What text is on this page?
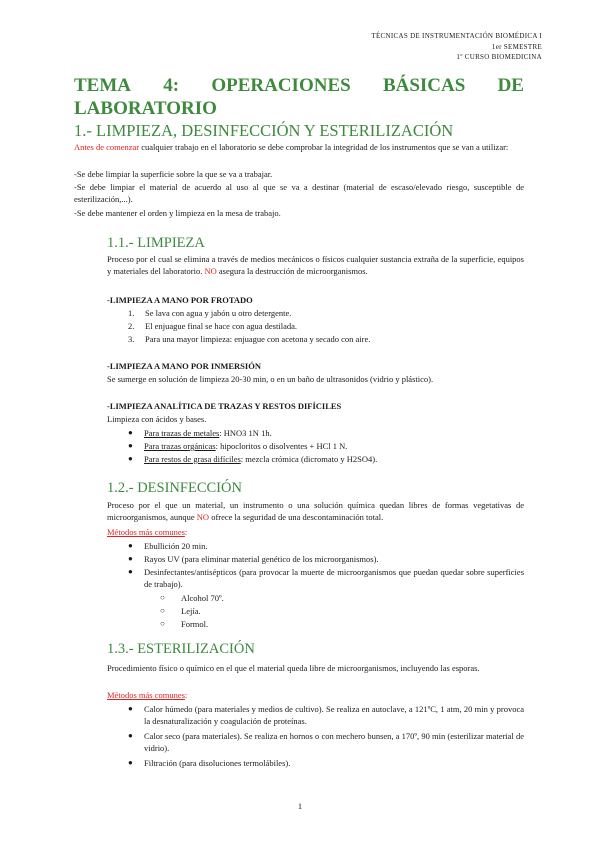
TÉCNICAS DE INSTRUMENTACIÓN BIOMÉDICA I
1er SEMESTRE
1º CURSO BIOMEDICINA
TEMA 4: OPERACIONES BÁSICAS DE
LABORATORIO
1.- LIMPIEZA, DESINFECCIÓN Y ESTERILIZACIÓN
Antes de comenzar cualquier trabajo en el laboratorio se debe comprobar la integridad de los instrumentos que se van a utilizar:
-Se debe limpiar la superficie sobre la que se va a trabajar.
-Se debe limpiar el material de acuerdo al uso al que se va a destinar (material de escaso/elevado riesgo, susceptible de esterilización,...).
-Se debe mantener el orden y limpieza en la mesa de trabajo.
1.1.- LIMPIEZA
Proceso por el cual se elimina a través de medios mecánicos o físicos cualquier sustancia extraña de la superficie, equipos y materiales del laboratorio. NO asegura la destrucción de microorganismos.
-LIMPIEZA A MANO POR FROTADO
1. Se lava con agua y jabón u otro detergente.
2. El enjuague final se hace con agua destilada.
3. Para una mayor limpieza: enjuague con acetona y secado con aire.
-LIMPIEZA A MANO POR INMERSIÓN
Se sumerge en solución de limpieza 20-30 min, o en un baño de ultrasonidos (vidrio y plástico).
-LIMPIEZA ANALÍTICA DE TRAZAS Y RESTOS DIFÍCILES
Limpieza con ácidos y bases.
● Para trazas de metales: HNO3 1N 1h.
● Para trazas orgánicas: hipocloritos o disolventes + HCl 1 N.
● Para restos de grasa difíciles: mezcla crómica (dicromato y H2SO4).
1.2.- DESINFECCIÓN
Proceso por el que un material, un instrumento o una solución química quedan libres de formas vegetativas de microorganismos, aunque NO ofrece la seguridad de una descontaminación total.
Métodos más comunes:
● Ebullición 20 min.
● Rayos UV (para eliminar material genético de los microorganismos).
● Desinfectantes/antisépticos (para provocar la muerte de microorganismos que puedan quedar sobre superficies de trabajo).
○ Alcohol 70º.
○ Lejía.
○ Formol.
1.3.- ESTERILIZACIÓN
Procedimiento físico o químico en el que el material queda libre de microorganismos, incluyendo las esporas.
Métodos más comunes:
● Calor húmedo (para materiales y medios de cultivo). Se realiza en autoclave, a 121ºC, 1 atm, 20 min y provoca la desnaturalización y coagulación de proteínas.
● Calor seco (para materiales). Se realiza en hornos o con mechero bunsen, a 170º, 90 min (esterilizar material de vidrio).
● Filtración (para disoluciones termolábiles).
1
